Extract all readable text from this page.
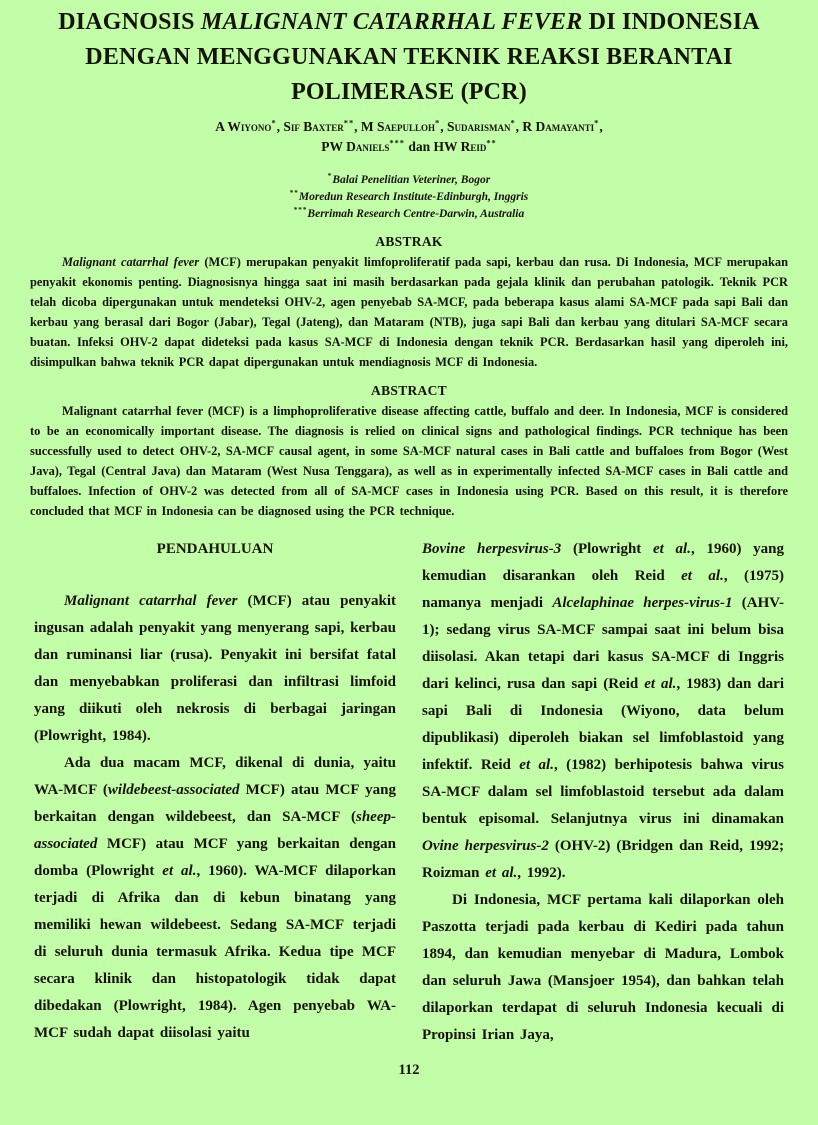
DIAGNOSIS MALIGNANT CATARRHAL FEVER DI INDONESIA
DENGAN MENGGUNAKAN TEKNIK REAKSI BERANTAI
POLIMERASE (PCR)
A Wiyono*, Sif Baxter**, M Saepulloh*, Sudarisman*, R Damayanti*,
PW Daniels*** dan HW Reid**
*Balai Penelitian Veteriner, Bogor
**Moredun Research Institute-Edinburgh, Inggris
***Berrimah Research Centre-Darwin, Australia
ABSTRAK

Malignant catarrhal fever (MCF) merupakan penyakit limfoproliferatif pada sapi, kerbau dan rusa. Di Indonesia, MCF merupakan penyakit ekonomis penting. Diagnosisnya hingga saat ini masih berdasarkan pada gejala klinik dan perubahan patologik. Teknik PCR telah dicoba dipergunakan untuk mendeteksi OHV-2, agen penyebab SA-MCF, pada beberapa kasus alami SA-MCF pada sapi Bali dan kerbau yang berasal dari Bogor (Jabar), Tegal (Jateng), dan Mataram (NTB), juga sapi Bali dan kerbau yang ditulari SA-MCF secara buatan. Infeksi OHV-2 dapat dideteksi pada kasus SA-MCF di Indonesia dengan teknik PCR. Berdasarkan hasil yang diperoleh ini, disimpulkan bahwa teknik PCR dapat dipergunakan untuk mendiagnosis MCF di Indonesia.

ABSTRACT

Malignant catarrhal fever (MCF) is a limphoproliferative disease affecting cattle, buffalo and deer. In Indonesia, MCF is considered to be an economically important disease. The diagnosis is relied on clinical signs and pathological findings. PCR technique has been successfully used to detect OHV-2, SA-MCF causal agent, in some SA-MCF natural cases in Bali cattle and buffaloes from Bogor (West Java), Tegal (Central Java) dan Mataram (West Nusa Tenggara), as well as in experimentally infected SA-MCF cases in Bali cattle and buffaloes. Infection of OHV-2 was detected from all of SA-MCF cases in Indonesia using PCR. Based on this result, it is therefore concluded that MCF in Indonesia can be diagnosed using the PCR technique.

PENDAHULUAN

Malignant catarrhal fever (MCF) atau penyakit ingusan adalah penyakit yang menyerang sapi, kerbau dan ruminansi liar (rusa). Penyakit ini bersifat fatal dan menyebabkan proliferasi dan infiltrasi limfoid yang diikuti oleh nekrosis di berbagai jaringan (Plowright, 1984).

Ada dua macam MCF, dikenal di dunia, yaitu WA-MCF (wildebeest-associated MCF) atau MCF yang berkaitan dengan wildebeest, dan SA-MCF (sheep-associated MCF) atau MCF yang berkaitan dengan domba (Plowright et al., 1960). WA-MCF dilaporkan terjadi di Afrika dan di kebun binatang yang memiliki hewan wildebeest. Sedang SA-MCF terjadi di seluruh dunia termasuk Afrika. Kedua tipe MCF secara klinik dan histopatologik tidak dapat dibedakan (Plowright, 1984). Agen penyebab WA-MCF sudah dapat diisolasi yaitu

Bovine herpesvirus-3 (Plowright et al., 1960) yang kemudian disarankan oleh Reid et al., (1975) namanya menjadi Alcelaphinae herpes-virus-1 (AHV-1); sedang virus SA-MCF sampai saat ini belum bisa diisolasi. Akan tetapi dari kasus SA-MCF di Inggris dari kelinci, rusa dan sapi (Reid et al., 1983) dan dari sapi Bali di Indonesia (Wiyono, data belum dipublikasi) diperoleh biakan sel limfoblastoid yang infektif. Reid et al., (1982) berhipotesis bahwa virus SA-MCF dalam sel limfoblastoid tersebut ada dalam bentuk episomal. Selanjutnya virus ini dinamakan Ovine herpesvirus-2 (OHV-2) (Bridgen dan Reid, 1992; Roizman et al., 1992).

Di Indonesia, MCF pertama kali dilaporkan oleh Paszotta terjadi pada kerbau di Kediri pada tahun 1894, dan kemudian menyebar di Madura, Lombok dan seluruh Jawa (Mansjoer 1954), dan bahkan telah dilaporkan terdapat di seluruh Indonesia kecuali di Propinsi Irian Jaya,

112
